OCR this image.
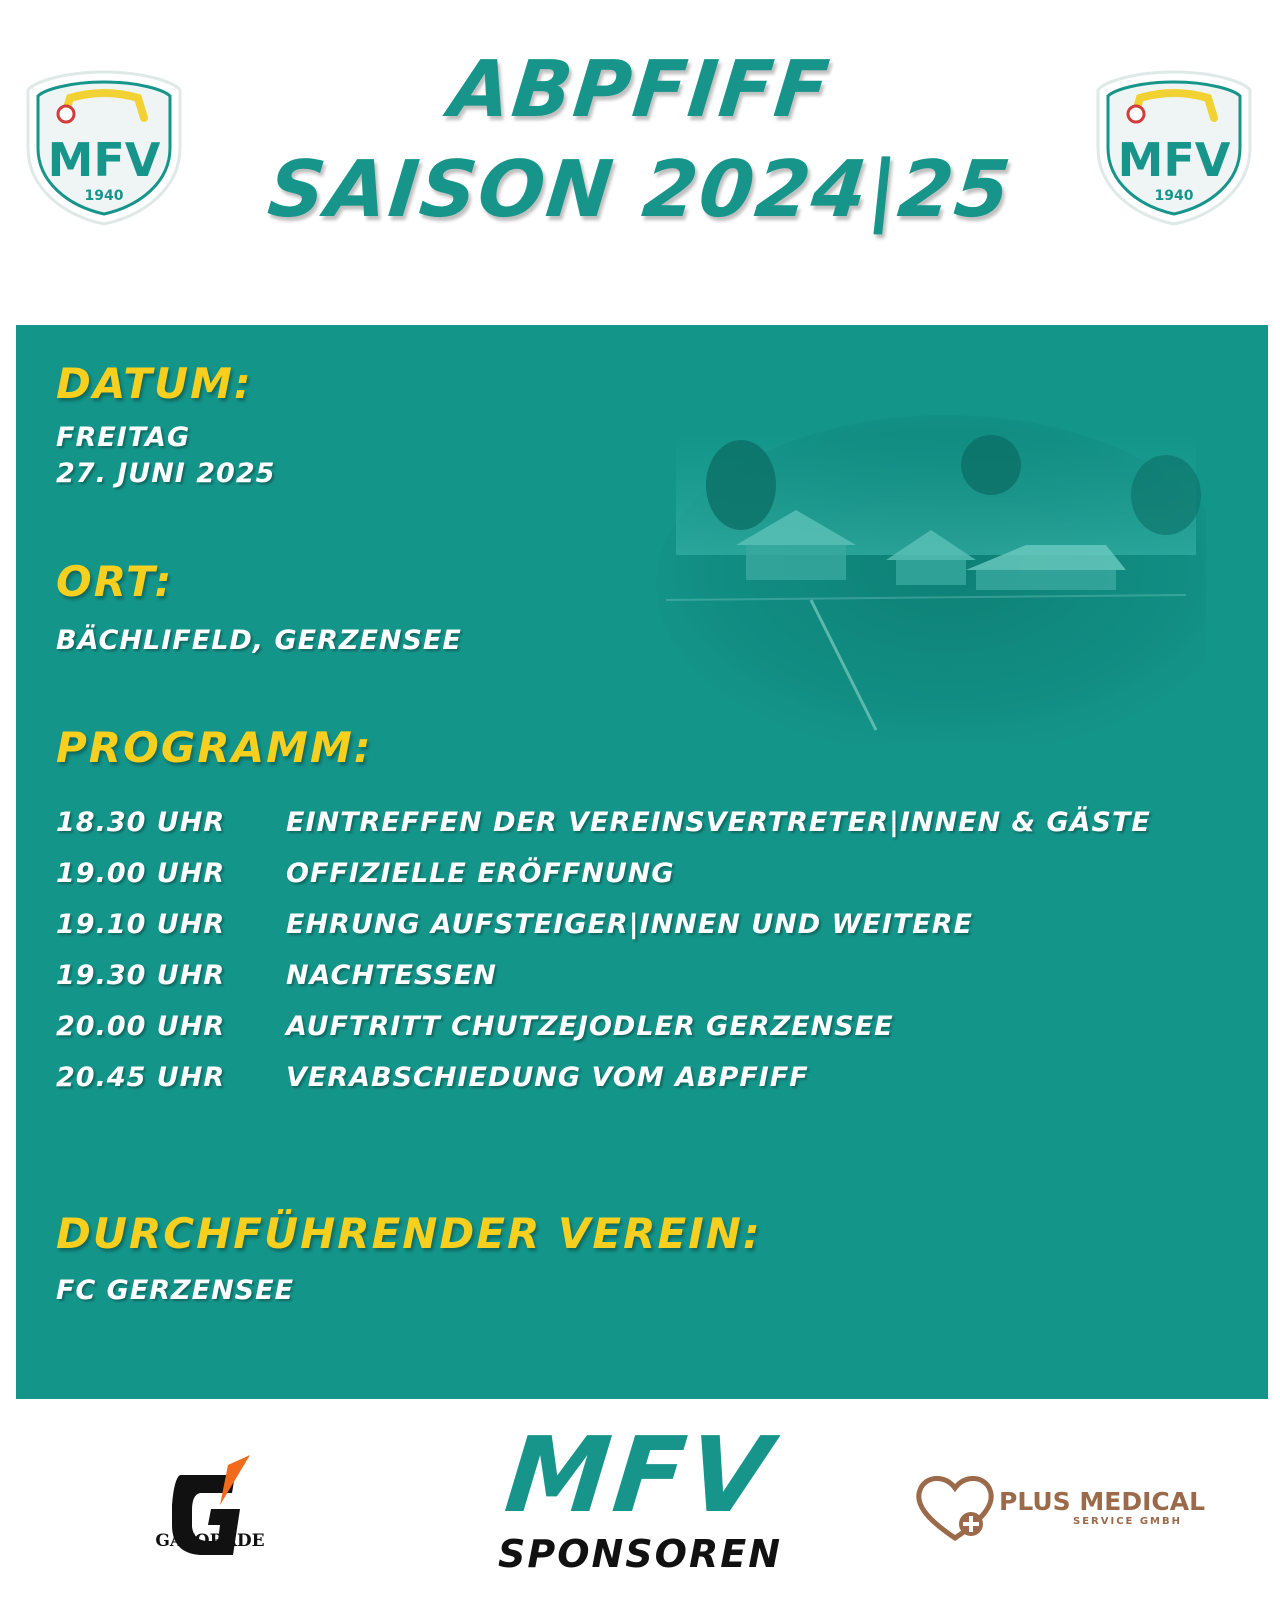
MFV
1940
MFV
1940
ABPFIFF
SAISON 2024|25
DATUM:
FREITAG
27. JUNI 2025
ORT:
BÄCHLIFELD, GERZENSEE
PROGRAMM:
18.30 UHR	EINTREFFEN DER VEREINSVERTRETER|INNEN & GÄSTE
19.00 UHR	OFFIZIELLE ERÖFFNUNG
19.10 UHR	EHRUNG AUFSTEIGER|INNEN UND WEITERE
19.30 UHR	NACHTESSEN
20.00 UHR	AUFTRITT CHUTZEJODLER GERZENSEE
20.45 UHR	VERABSCHIEDUNG VOM ABPFIFF
DURCHFÜHRENDER VEREIN:
FC GERZENSEE
GATORADE
MFV
SPONSOREN
PLUS MEDICAL
SERVICE GMBH
